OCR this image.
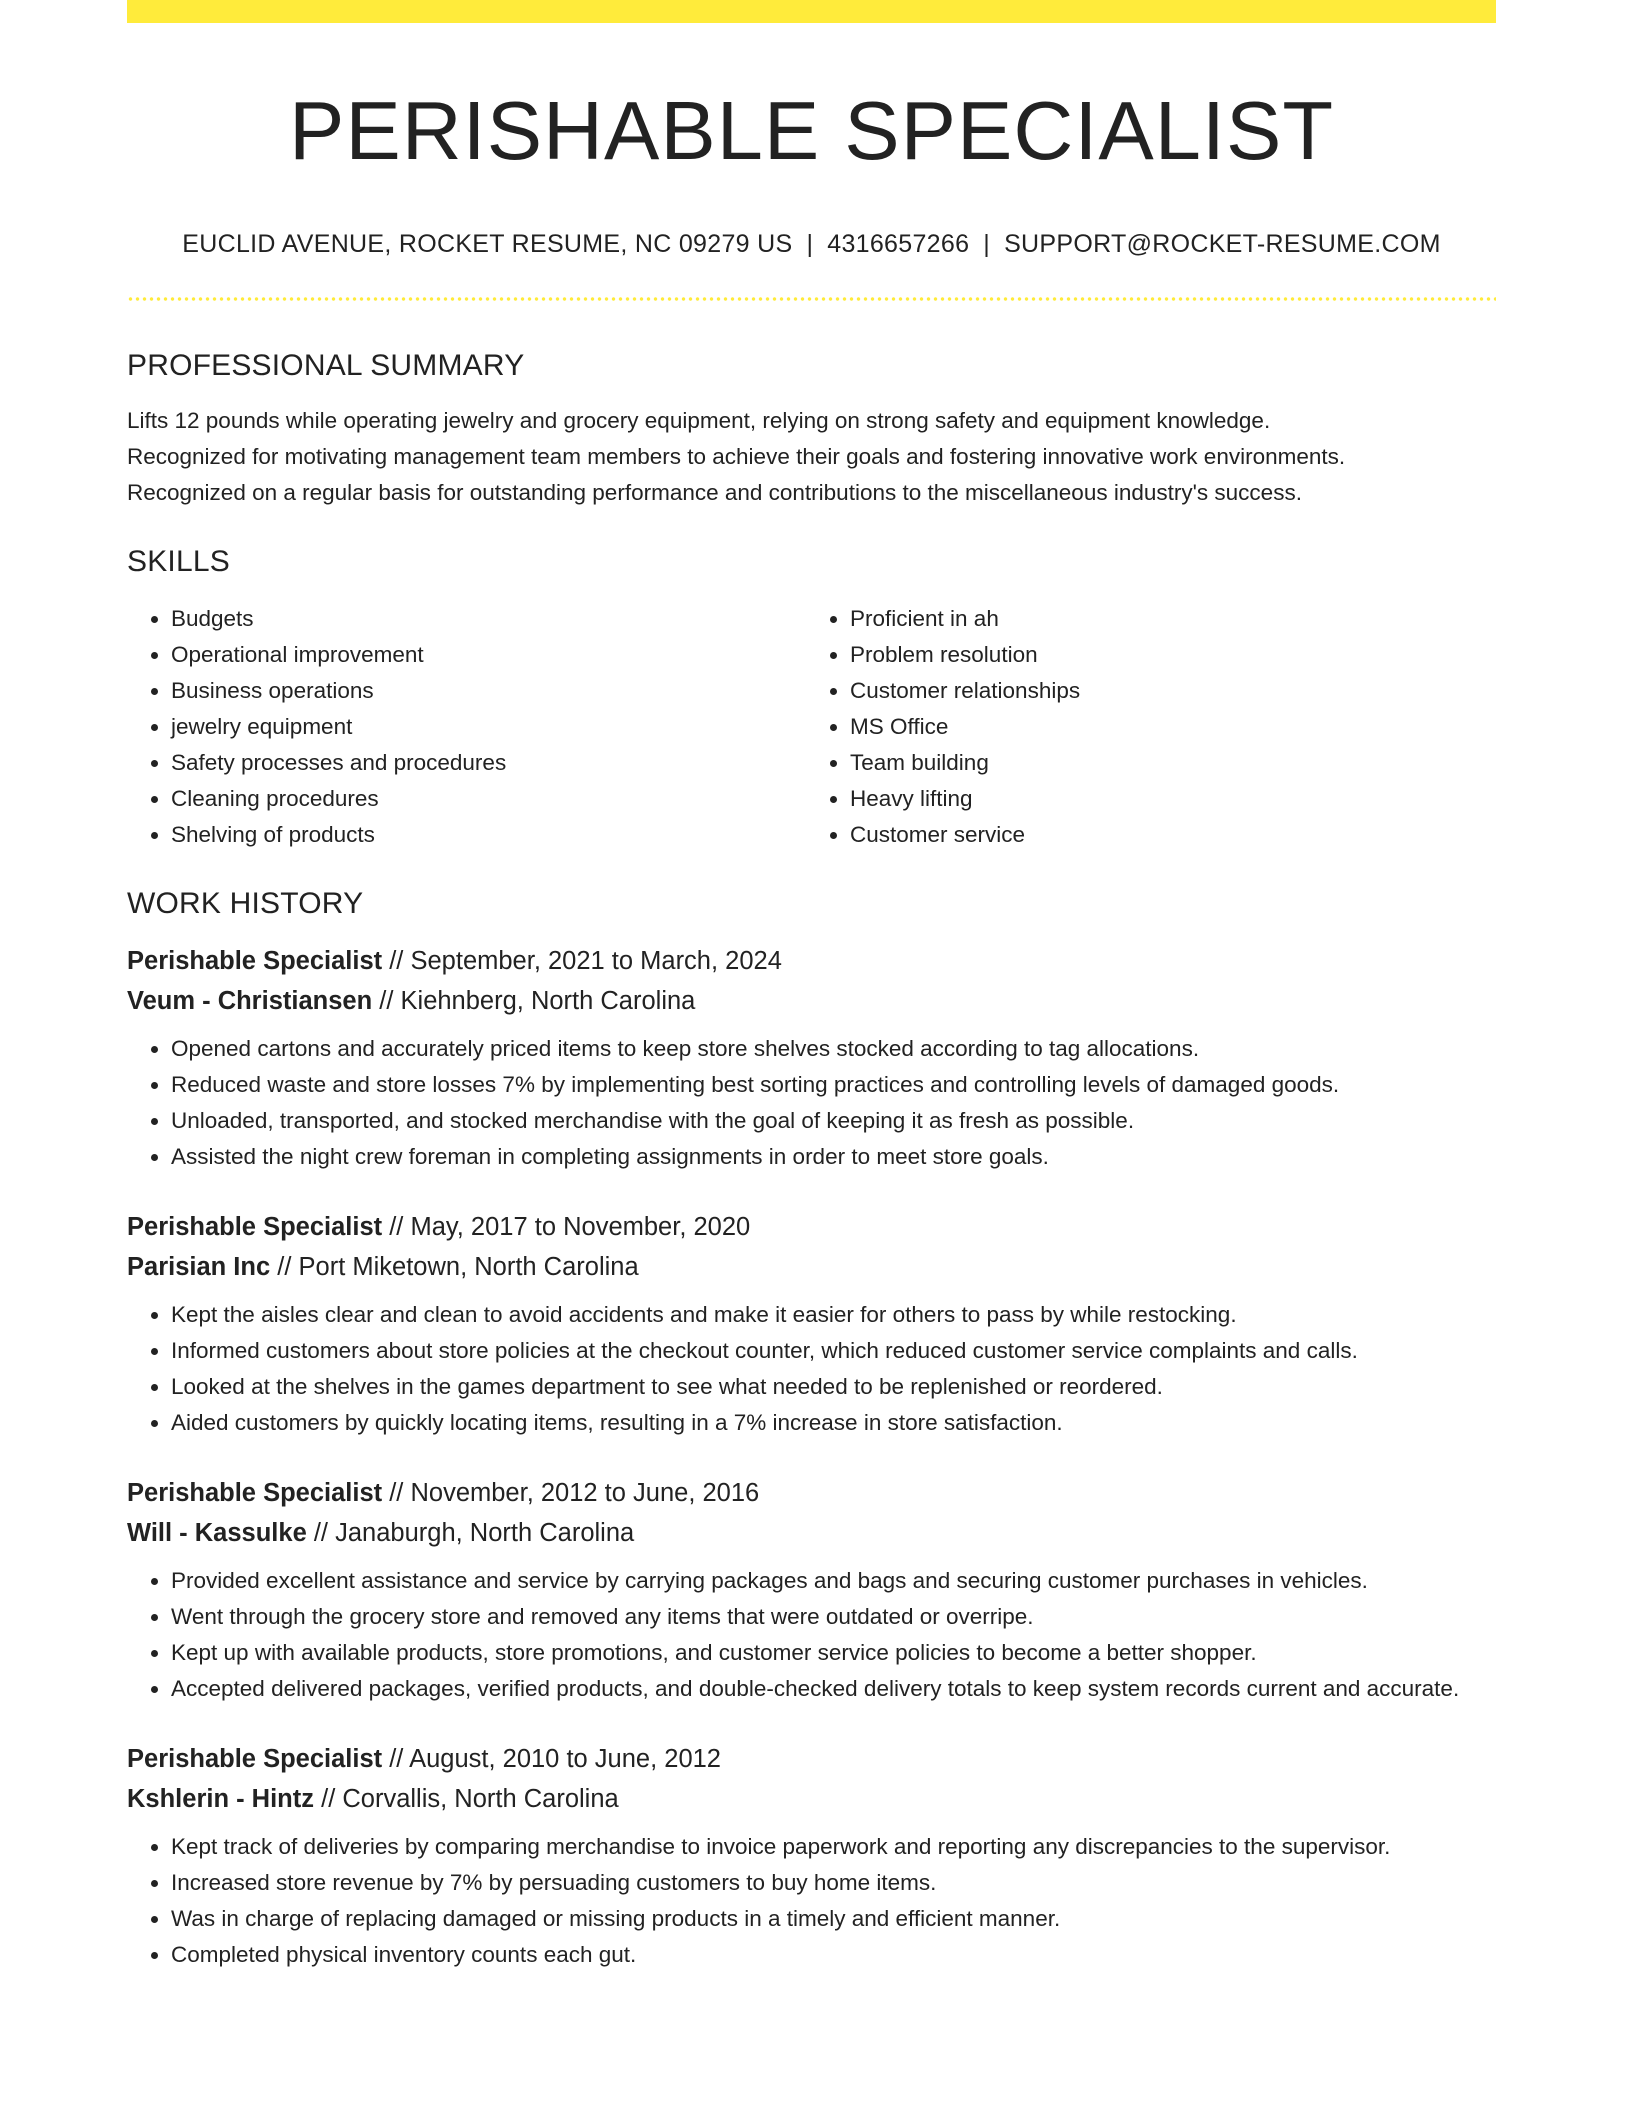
PERISHABLE SPECIALIST
EUCLID AVENUE, ROCKET RESUME, NC 09279 US | 4316657266 | SUPPORT@ROCKET-RESUME.COM
PROFESSIONAL SUMMARY

Lifts 12 pounds while operating jewelry and grocery equipment, relying on strong safety and equipment knowledge.

Recognized for motivating management team members to achieve their goals and fostering innovative work environments.

Recognized on a regular basis for outstanding performance and contributions to the miscellaneous industry's success.

SKILLS
• Budgets
• Operational improvement
• Business operations
• jewelry equipment
• Safety processes and procedures
• Cleaning procedures
• Shelving of products
• Proficient in ah
• Problem resolution
• Customer relationships
• MS Office
• Team building
• Heavy lifting
• Customer service
WORK HISTORY
Perishable Specialist // September, 2021 to March, 2024
Veum - Christiansen // Kiehnberg, North Carolina
• Opened cartons and accurately priced items to keep store shelves stocked according to tag allocations.
• Reduced waste and store losses 7% by implementing best sorting practices and controlling levels of damaged goods.
• Unloaded, transported, and stocked merchandise with the goal of keeping it as fresh as possible.
• Assisted the night crew foreman in completing assignments in order to meet store goals.
Perishable Specialist // May, 2017 to November, 2020
Parisian Inc // Port Miketown, North Carolina
• Kept the aisles clear and clean to avoid accidents and make it easier for others to pass by while restocking.
• Informed customers about store policies at the checkout counter, which reduced customer service complaints and calls.
• Looked at the shelves in the games department to see what needed to be replenished or reordered.
• Aided customers by quickly locating items, resulting in a 7% increase in store satisfaction.
Perishable Specialist // November, 2012 to June, 2016
Will - Kassulke // Janaburgh, North Carolina
• Provided excellent assistance and service by carrying packages and bags and securing customer purchases in vehicles.
• Went through the grocery store and removed any items that were outdated or overripe.
• Kept up with available products, store promotions, and customer service policies to become a better shopper.
• Accepted delivered packages, verified products, and double-checked delivery totals to keep system records current and accurate.
Perishable Specialist // August, 2010 to June, 2012
Kshlerin - Hintz // Corvallis, North Carolina
• Kept track of deliveries by comparing merchandise to invoice paperwork and reporting any discrepancies to the supervisor.
• Increased store revenue by 7% by persuading customers to buy home items.
• Was in charge of replacing damaged or missing products in a timely and efficient manner.
• Completed physical inventory counts each gut.
